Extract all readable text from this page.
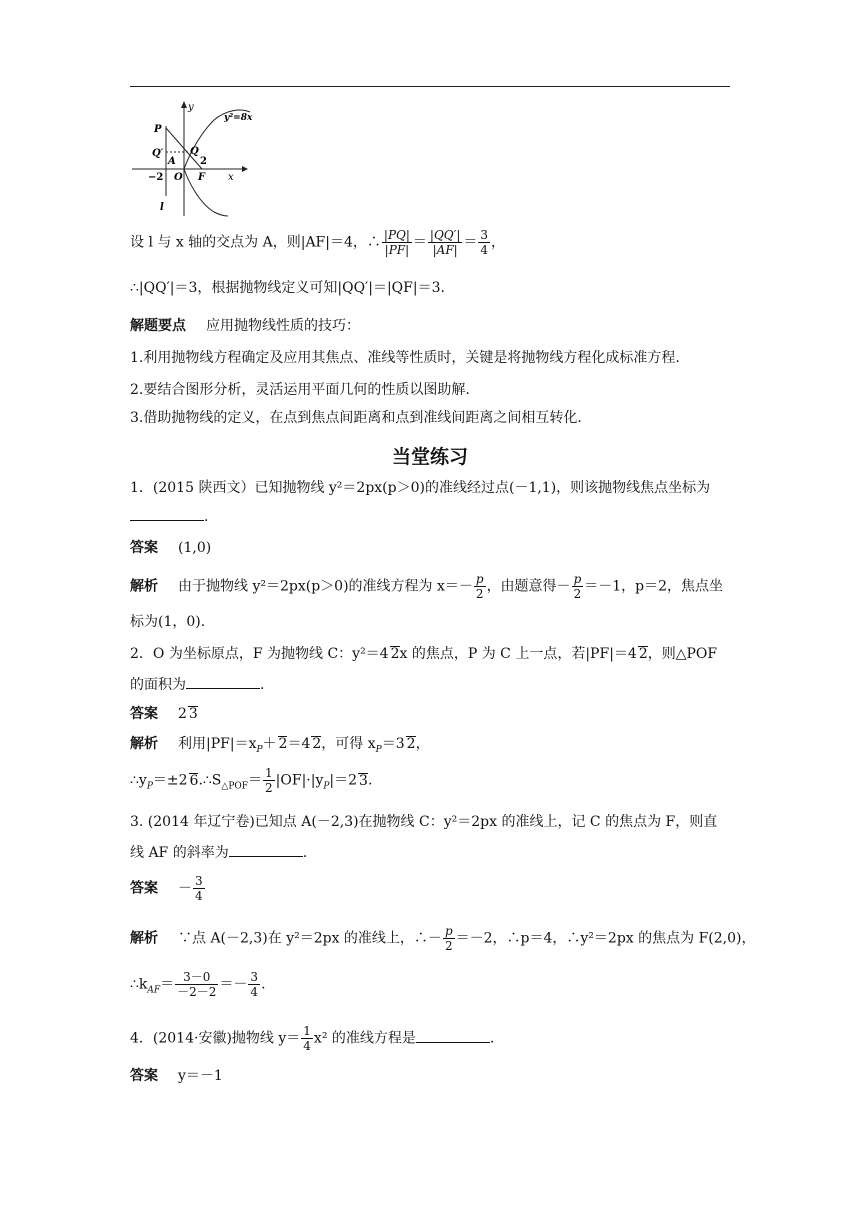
y
x
y²=8x
P
Q′	Q
A 2
−2 O F
l
设 l 与 x 轴的交点为 A，则|AF|＝4，∴ $\frac{|PQ|}{|PF|} = \frac{|QQ'|}{|AF|} = \frac{3}{4}$ ，
∴|QQ′|＝3，根据抛物线定义可知|QQ′|＝|QF|＝3.
解题要点 应用抛物线性质的技巧：
1.利用抛物线方程确定及应用其焦点、准线等性质时，关键是将抛物线方程化成标准方程.
2.要结合图形分析，灵活运用平面几何的性质以图助解.
3.借助抛物线的定义，在点到焦点间距离和点到准线间距离之间相互转化.
当堂练习
1．(2015 陕西文）已知抛物线 y²＝2px(p＞0)的准线经过点(－1,1)，则该抛物线焦点坐标为
.
答案 (1,0)
解析 由于抛物线 y²＝2px(p＞0)的准线方程为 $x=- \frac{p}{2}$ ，由题意得－ $\frac{p}{2} =-1$，p＝2，焦点坐
标为(1，0).
2．O 为坐标原点，F 为抛物线 C：y²＝4 2x 的焦点，P 为 C 上一点，若|PF|＝4 2，则△POF
的面积为	.
答案 2 3
解析 利用$|PF|=x_P+ 2=4$ 2，可得 $x_P=3$ 2，
$\therefore y_P=\pm 2$ $6.\therefore S_{\triangle POF}= \frac{1}{2} |OF|\cdot|y_P|=2$ 3.
3. (2014 年辽宁卷)已知点 A(－2,3)在抛物线 C：y²＝2px 的准线上，记 C 的焦点为 F，则直
线 AF 的斜率为	.
答案 － $\frac{3}{4}$
解析 ∵点 A(－2,3)在 y²＝2px 的准线上，∴－ $\frac{p}{2} =-2$，∴p＝4，∴y²＝2px 的焦点为 F(2,0)，
$\therefore k_{AF}= \frac{3-0}{-2-2} =- \frac{3}{4}$ .
4．(2014·安徽)抛物线 $y= \frac{1}{4} x^2$ 的准线方程是	.
答案 y＝－1
